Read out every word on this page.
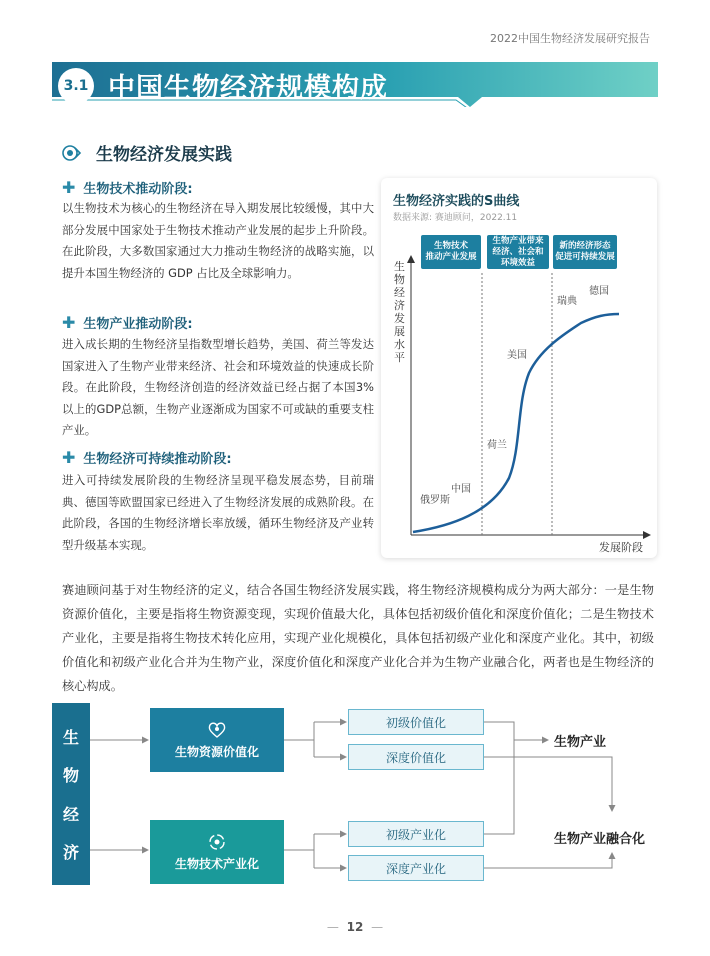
2022中国生物经济发展研究报告
3.1 中国生物经济规模构成
生物经济发展实践
✚ 生物技术推动阶段:
以生物技术为核心的生物经济在导入期发展比较缓慢，其中大部分发展中国家处于生物技术推动产业发展的起步上升阶段。在此阶段，大多数国家通过大力推动生物经济的战略实施，以提升本国生物经济的 GDP 占比及全球影响力。
✚ 生物产业推动阶段:
进入成长期的生物经济呈指数型增长趋势，美国、荷兰等发达国家进入了生物产业带来经济、社会和环境效益的快速成长阶段。在此阶段，生物经济创造的经济效益已经占据了本国3%以上的GDP总额，生物产业逐渐成为国家不可或缺的重要支柱产业。
✚ 生物经济可持续推动阶段:
进入可持续发展阶段的生物经济呈现平稳发展态势，目前瑞典、德国等欧盟国家已经进入了生物经济发展的成熟阶段。在此阶段，各国的生物经济增长率放缓，循环生物经济及产业转型升级基本实现。
生物经济实践的S曲线
数据来源: 赛迪顾问，2022.11
生物技术
推动产业发展
生物产业带来
经济、社会和
环境效益
新的经济形态
促进可持续发展
生物经济发展水平
俄罗斯
中国
荷兰
美国
瑞典
德国
发展阶段
赛迪顾问基于对生物经济的定义，结合各国生物经济发展实践，将生物经济规模构成分为两大部分：一是生物资源价值化，主要是指将生物资源变现，实现价值最大化，具体包括初级价值化和深度价值化；二是生物技术产业化，主要是指将生物技术转化应用，实现产业化规模化，具体包括初级产业化和深度产业化。其中，初级价值化和初级产业化合并为生物产业，深度价值化和深度产业化合并为生物产业融合化，两者也是生物经济的核心构成。
生
物
经
济
生物资源价值化
生物技术产业化
初级价值化
深度价值化
初级产业化
深度产业化
生物产业
生物产业融合化
— 12 —
